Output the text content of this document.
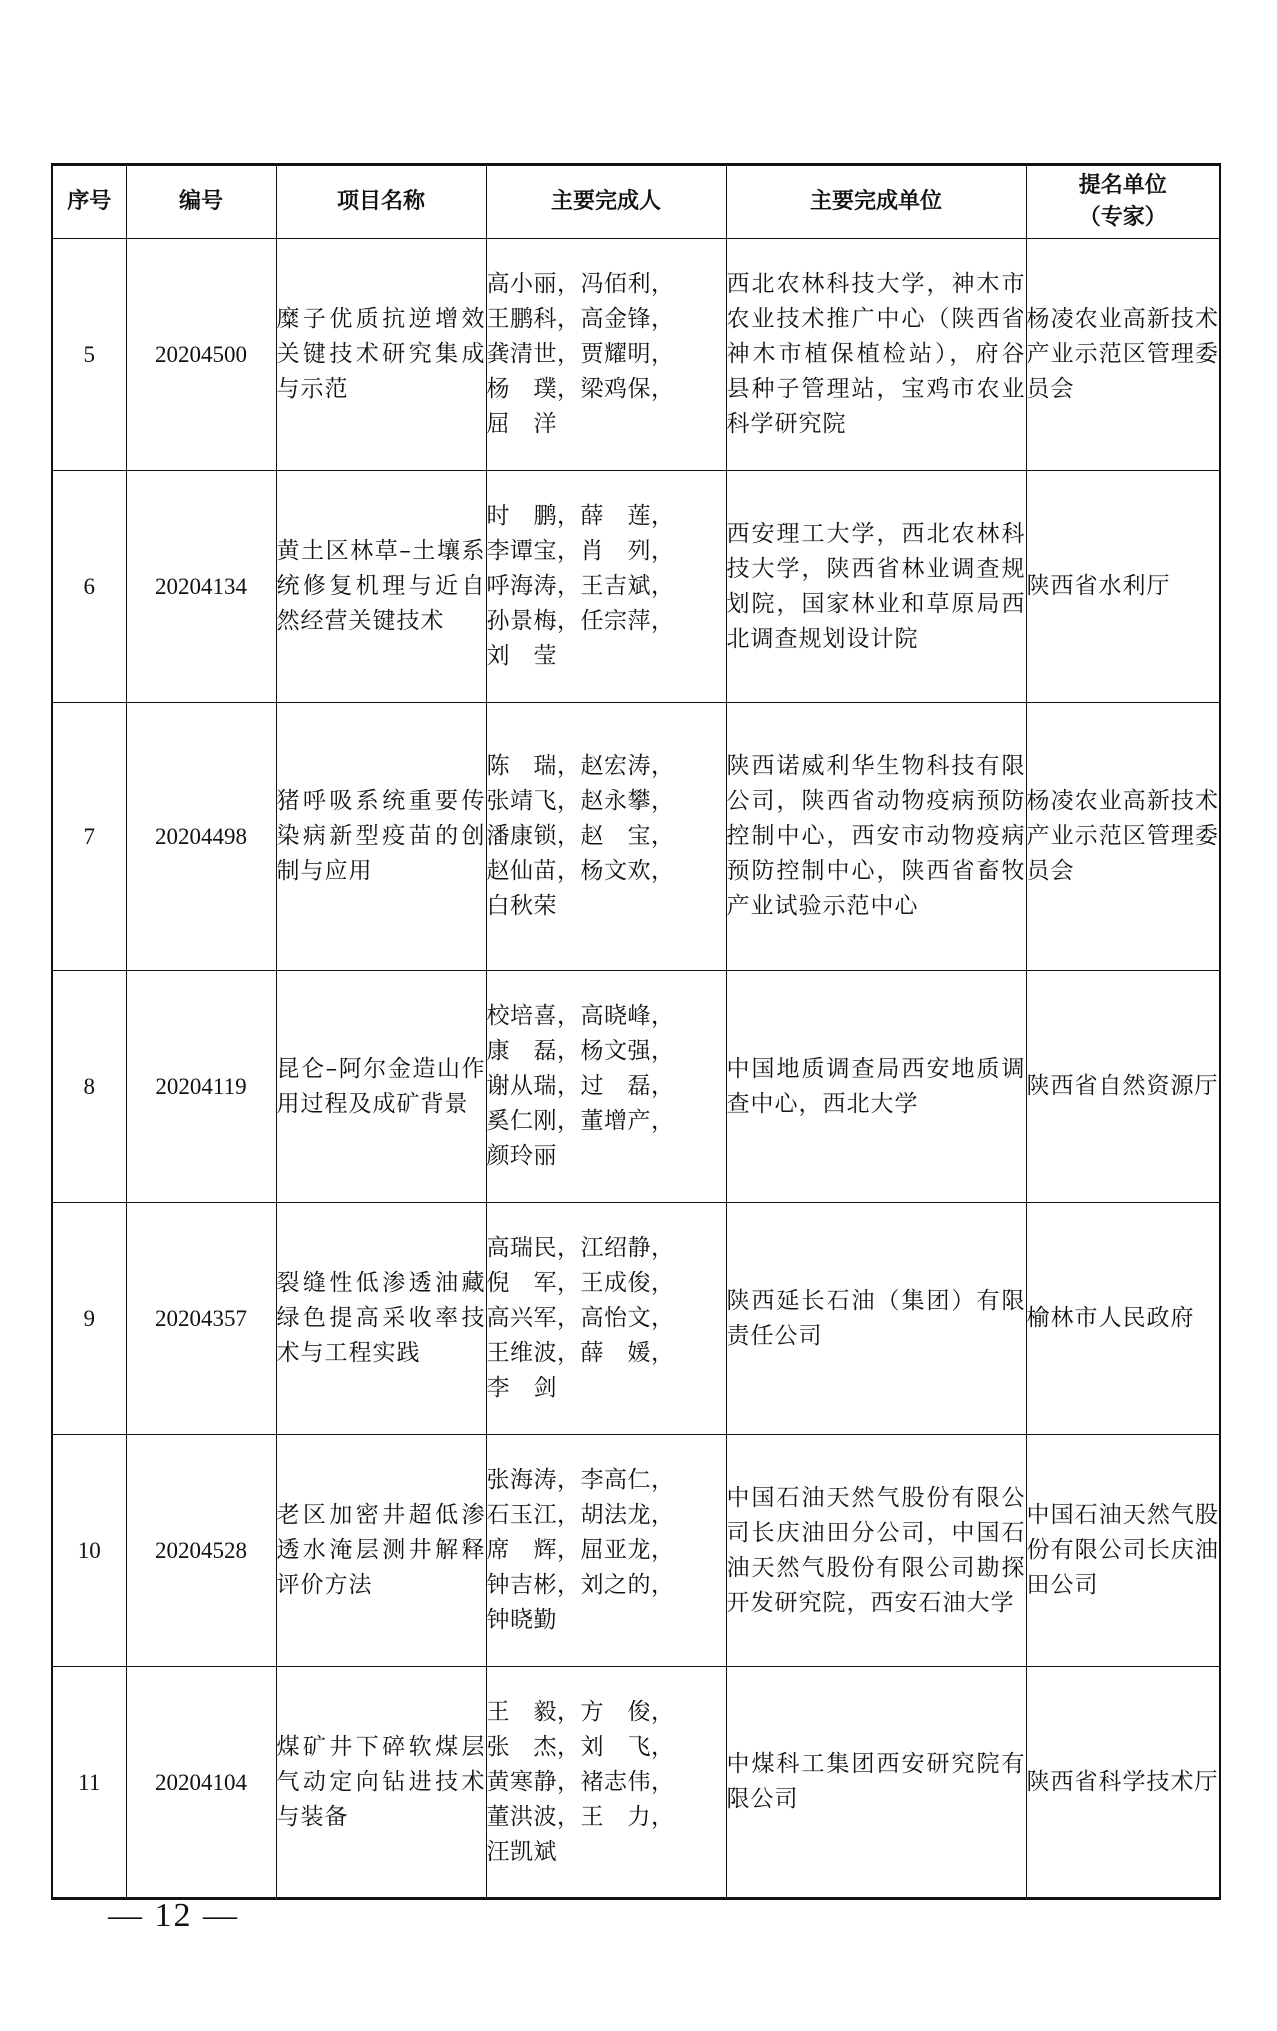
序号	编号	项目名称	主要完成人	主要完成单位	提名单位
（专家）

5	20204500	糜子优质抗逆增效关键技术研究集成与示范	高小丽，冯佰利，
王鹏科，高金锋，
龚清世，贾耀明，
杨　璞，梁鸡保，
屈　洋	西北农林科技大学，神木市农业技术推广中心（陕西省神木市植保植检站），府谷县种子管理站，宝鸡市农业科学研究院	杨凌农业高新技术产业示范区管理委员会
6	20204134	黄土区林草–土壤系统修复机理与近自然经营关键技术	时　鹏，薛　莲，
李谭宝，肖　列，
呼海涛，王吉斌，
孙景梅，任宗萍，
刘　莹	西安理工大学，西北农林科技大学，陕西省林业调查规划院，国家林业和草原局西北调查规划设计院	陕西省水利厅
7	20204498	猪呼吸系统重要传染病新型疫苗的创制与应用	陈　瑞，赵宏涛，
张靖飞，赵永攀，
潘康锁，赵　宝，
赵仙苗，杨文欢，
白秋荣	陕西诺威利华生物科技有限公司，陕西省动物疫病预防控制中心，西安市动物疫病预防控制中心，陕西省畜牧产业试验示范中心	杨凌农业高新技术产业示范区管理委员会
8	20204119	昆仑–阿尔金造山作用过程及成矿背景	校培喜，高晓峰，
康　磊，杨文强，
谢从瑞，过　磊，
奚仁刚，董增产，
颜玲丽	中国地质调查局西安地质调查中心，西北大学	陕西省自然资源厅
9	20204357	裂缝性低渗透油藏绿色提高采收率技术与工程实践	高瑞民，江绍静，
倪　军，王成俊，
高兴军，高怡文，
王维波，薛　媛，
李　剑	陕西延长石油（集团）有限责任公司	榆林市人民政府
10	20204528	老区加密井超低渗透水淹层测井解释评价方法	张海涛，李高仁，
石玉江，胡法龙，
席　辉，屈亚龙，
钟吉彬，刘之的，
钟晓勤	中国石油天然气股份有限公司长庆油田分公司，中国石油天然气股份有限公司勘探开发研究院，西安石油大学	中国石油天然气股份有限公司长庆油田公司
11	20204104	煤矿井下碎软煤层气动定向钻进技术与装备	王　毅，方　俊，
张　杰，刘　飞，
黄寒静，褚志伟，
董洪波，王　力，
汪凯斌	中煤科工集团西安研究院有限公司	陕西省科学技术厅
— 12 —
